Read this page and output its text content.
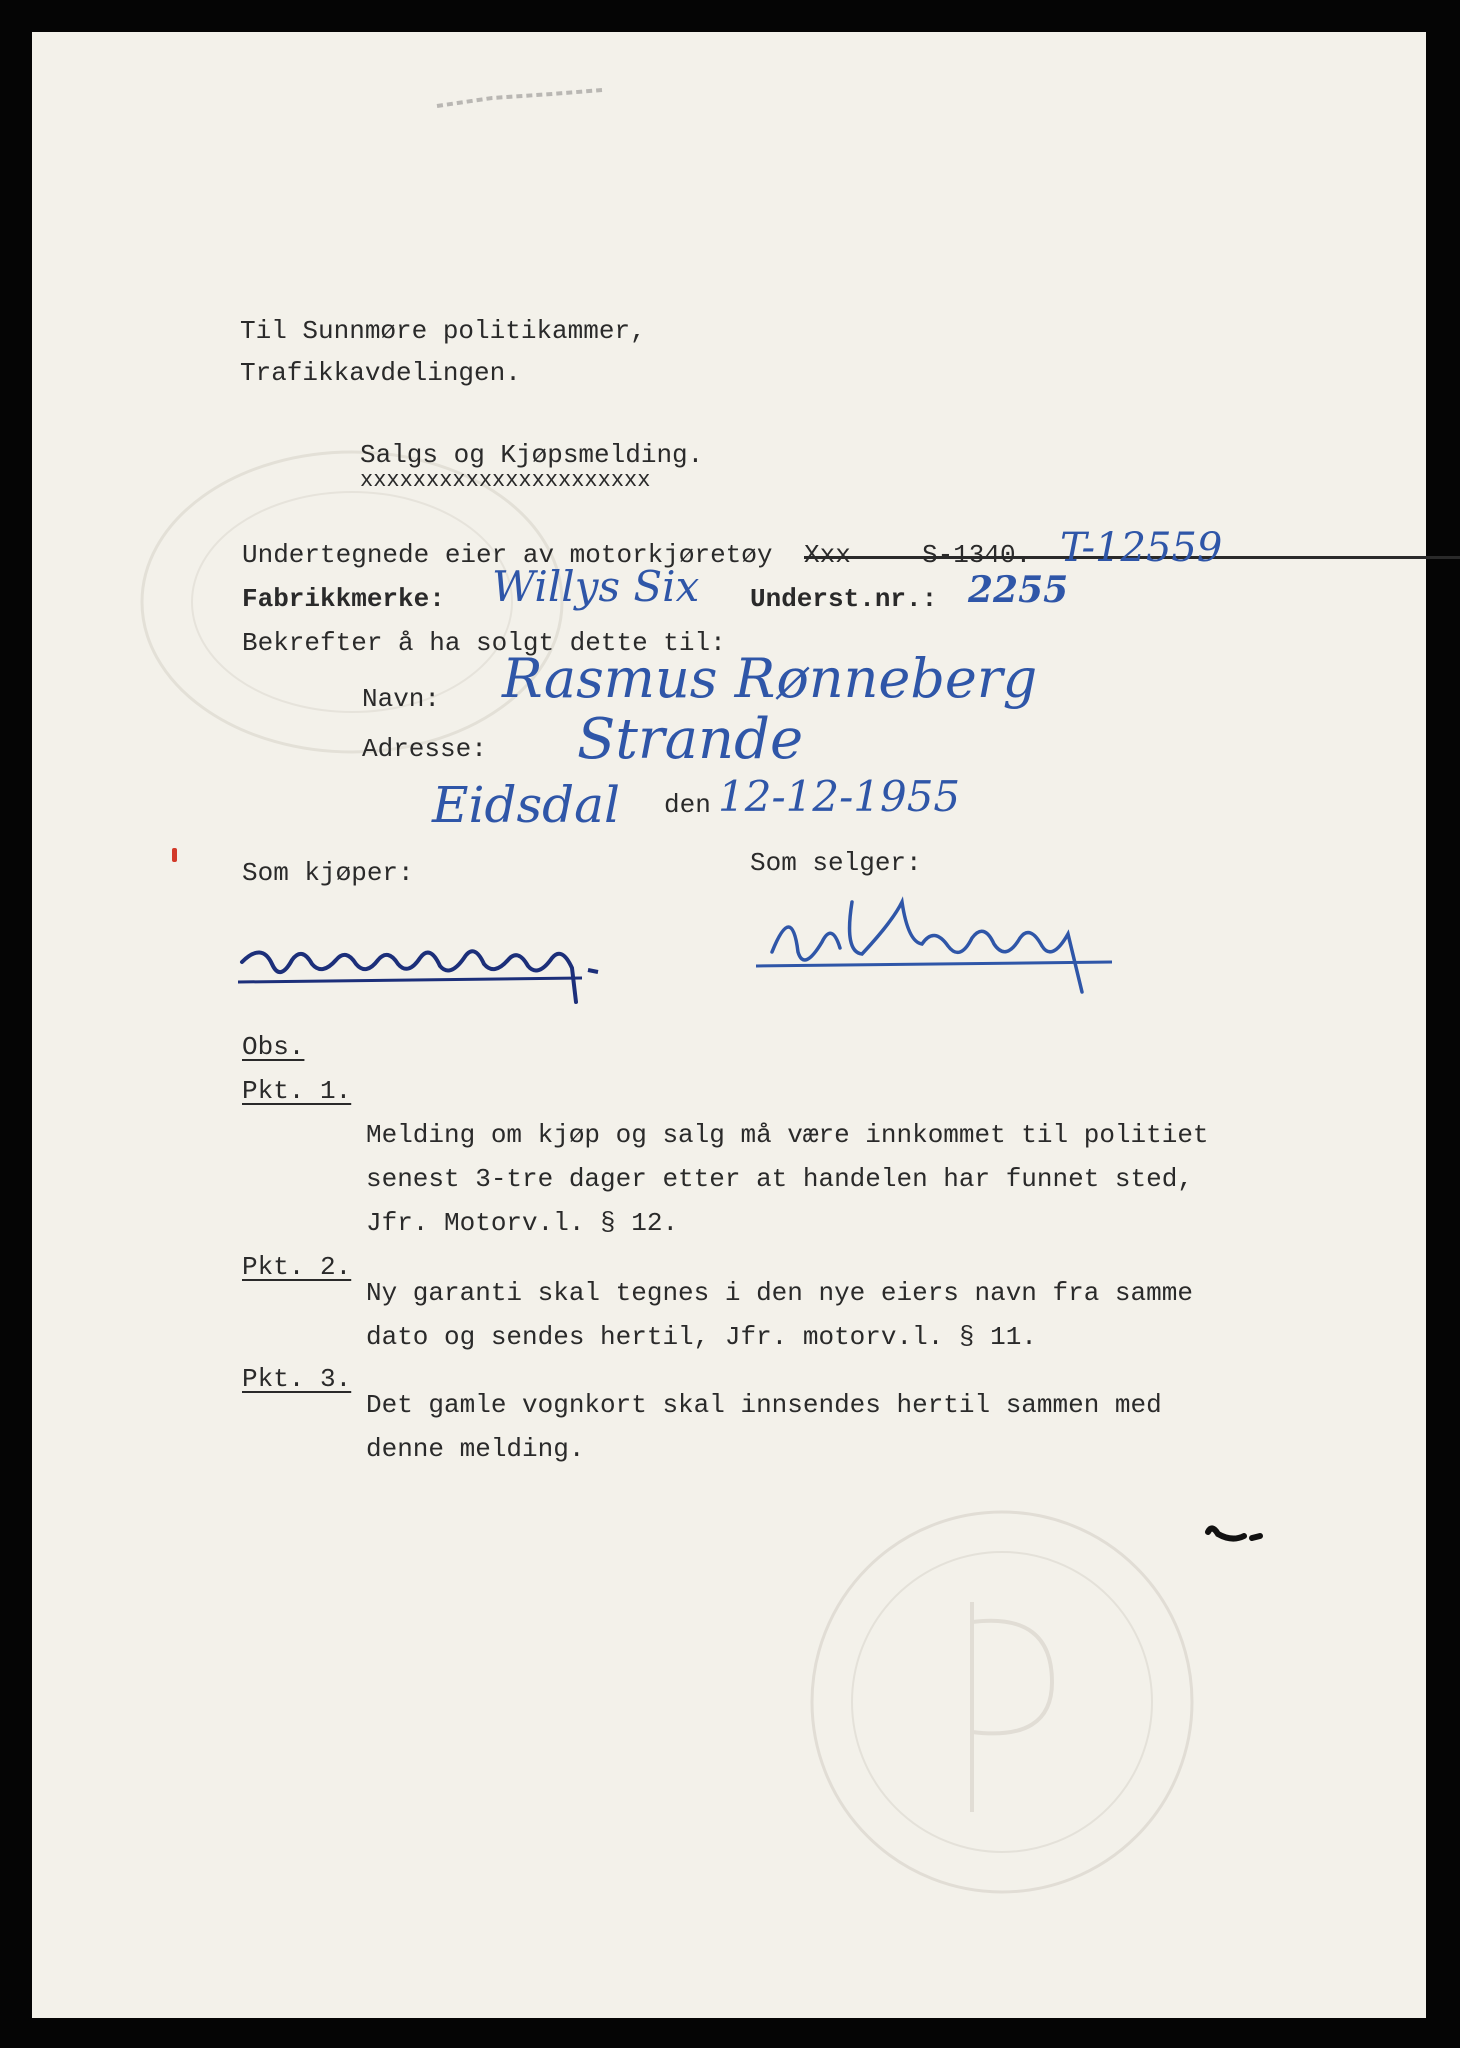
Til Sunnmøre politikammer,
Trafikkavdelingen.
Salgs og Kjøpsmelding.
xxxxxxxxxxxxxxxxxxxxxx
Undertegnede eier av motorkjøretøy Xxx	S-1340. T-12559
Fabrikkmerke: Willys Six Underst.nr.: 2255
Bekrefter å ha solgt dette til:
Navn: Rasmus Rønneberg
Adresse: Strande
Eidsdal den 12-12-1955
Som kjøper:	Som selger:
Obs.
Pkt. 1.
Melding om kjøp og salg må være innkommet til politiet
senest 3-tre dager etter at handelen har funnet sted,
Jfr. Motorv.l. § 12.
Pkt. 2.
Ny garanti skal tegnes i den nye eiers navn fra samme
dato og sendes hertil, Jfr. motorv.l. § 11.
Pkt. 3.
Det gamle vognkort skal innsendes hertil sammen med
denne melding.
